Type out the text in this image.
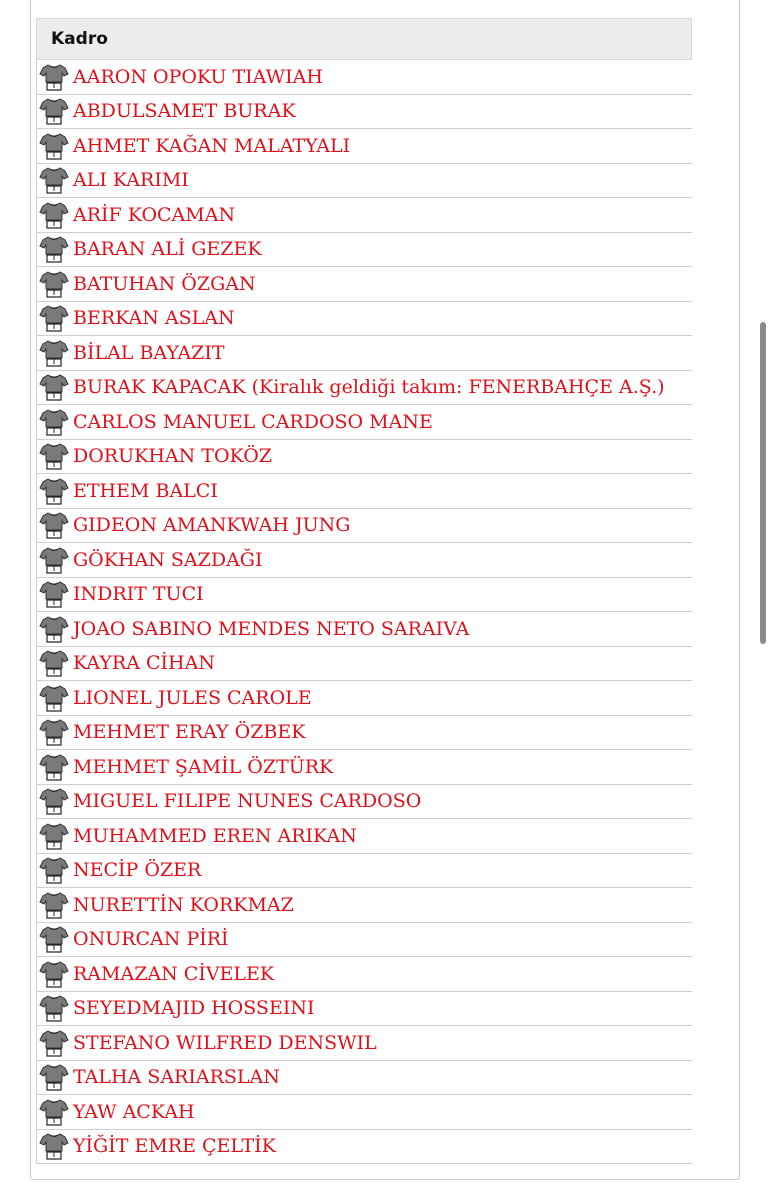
Kadro
AARON OPOKU TIAWIAH
ABDULSAMET BURAK
AHMET KAĞAN MALATYALI
ALI KARIMI
ARİF KOCAMAN
BARAN ALİ GEZEK
BATUHAN ÖZGAN
BERKAN ASLAN
BİLAL BAYAZIT
BURAK KAPACAK (Kiralık geldiği takım: FENERBAHÇE A.Ş.)
CARLOS MANUEL CARDOSO MANE
DORUKHAN TOKÖZ
ETHEM BALCI
GIDEON AMANKWAH JUNG
GÖKHAN SAZDAĞI
INDRIT TUCI
JOAO SABINO MENDES NETO SARAIVA
KAYRA CİHAN
LIONEL JULES CAROLE
MEHMET ERAY ÖZBEK
MEHMET ŞAMİL ÖZTÜRK
MIGUEL FILIPE NUNES CARDOSO
MUHAMMED EREN ARIKAN
NECİP ÖZER
NURETTİN KORKMAZ
ONURCAN PİRİ
RAMAZAN CİVELEK
SEYEDMAJID HOSSEINI
STEFANO WILFRED DENSWIL
TALHA SARIARSLAN
YAW ACKAH
YİĞİT EMRE ÇELTİK
